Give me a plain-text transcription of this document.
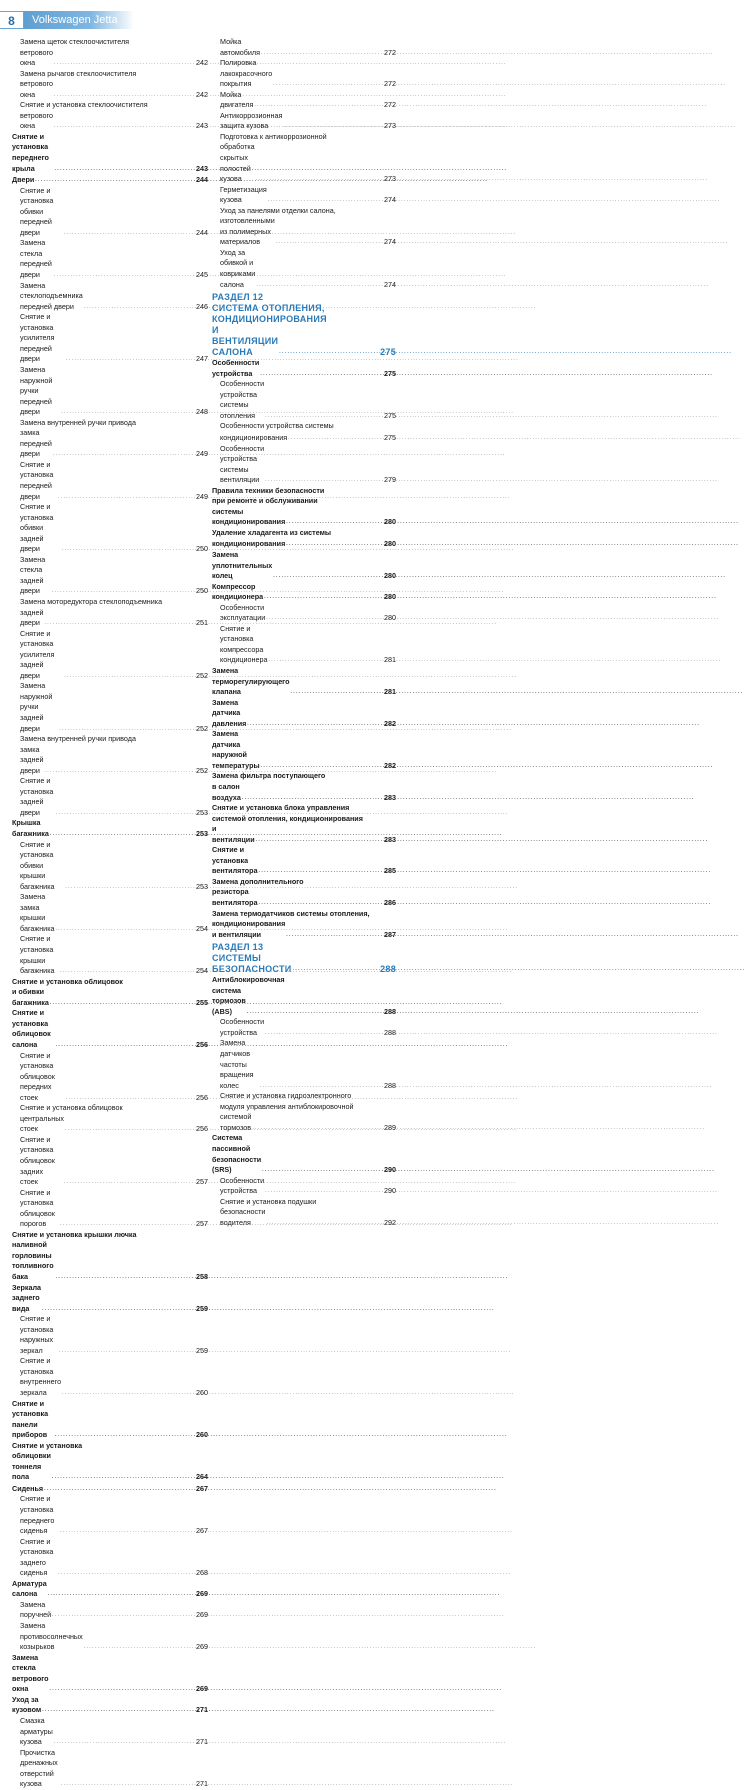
8	Volkswagen Jetta
Замена щеток стеклоочистителя
ветрового окна . . .	242
Замена рычагов стеклоочистителя
ветрового окна . . .	242
Снятие и установка стеклоочистителя
ветрового окна . . .	243
Снятие и установка переднего крыла . . .	243
Двери . . .	244
Снятие и установка обивки передней двери . . .	244
Замена стекла передней двери . . .	245
Замена стеклоподъемника передней двери . . .	246
Снятие и установка усилителя передней двери . . .	247
Замена наружной ручки передней двери . . .	248
Замена внутренней ручки привода
замка передней двери . . .	249
Снятие и установка передней двери . . .	249
Снятие и установка обивки задней двери . . .	250
Замена стекла задней двери . . .	250
Замена моторедуктора стеклоподъемника
задней двери . . .	251
Снятие и установка усилителя задней двери . . .	252
Замена наружной ручки задней двери . . .	252
Замена внутренней ручки привода
замка задней двери . . .	252
Снятие и установка задней двери . . .	253
Крышка багажника . . .	253
Снятие и установка обивки крышки багажника . . .	253
Замена замка крышки багажника . . .	254
Снятие и установка крышки багажника . . .	254
Снятие и установка облицовок
и обивки багажника . . .	255
Снятие и установка облицовок салона . . .	256
Снятие и установка облицовок передних стоек . . .	256
Снятие и установка облицовок
центральных стоек . . .	256
Снятие и установка облицовок задних стоек . . .	257
Снятие и установка облицовок порогов . . .	257
Снятие и установка крышки лючка
наливной горловины топливного бака . . .	258
Зеркала заднего вида . . .	259
Снятие и установка наружных зеркал . . .	259
Снятие и установка внутреннего зеркала . . .	260
Снятие и установка панели приборов . . .	260
Снятие и установка
облицовки тоннеля пола . . .	264
Сиденья . . .	267
Снятие и установка переднего сиденья . . .	267
Снятие и установка заднего сиденья . . .	268
Арматура салона . . .	269
Замена поручней . . .	269
Замена противосолнечных козырьков . . .	269
Замена стекла ветрового окна . . .	269
Уход за кузовом . . .	271
Смазка арматуры кузова . . .	271
Прочистка дренажных отверстий кузова . . .	271
Мойка автомобиля . . .	272
Полировка лакокрасочного покрытия . . .	272
Мойка двигателя . . .	272
Антикоррозионная защита кузова . . .	273
Подготовка к антикоррозионной
обработка скрытых полостей кузова . . .	273
Герметизация кузова . . .	274
Уход за панелями отделки салона,
изготовленными из полимерных материалов . . .	274
Уход за обивкой и ковриками салона . . .	274
РАЗДЕЛ 12
СИСТЕМА ОТОПЛЕНИЯ,
КОНДИЦИОНИРОВАНИЯ
И ВЕНТИЛЯЦИИ САЛОНА . . .	275
Особенности устройства . . .	275
Особенности устройства системы отопления . . .	275
Особенности устройства системы
кондиционирования . . .	275
Особенности устройства системы вентиляции . . .	279
Правила техники безопасности
при ремонте и обслуживании
системы кондиционирования . . .	280
Удаление хладагента из системы
кондиционирования . . .	280
Замена уплотнительных колец . . .	280
Компрессор кондиционера . . .	280
Особенности эксплуатации . . .	280
Снятие и установка компрессора кондиционера . . .	281
Замена терморегулирующего клапана . . .	281
Замена датчика давления . . .	282
Замена датчика наружной температуры . . .	282
Замена фильтра поступающего
в салон воздуха . . .	283
Снятие и установка блока управления
системой отопления, кондиционирования
и вентиляции . . .	283
Снятие и установка вентилятора . . .	285
Замена дополнительного
резистора вентилятора . . .	286
Замена термодатчиков системы отопления,
кондиционирования и вентиляции . . .	287
РАЗДЕЛ 13
СИСТЕМЫ БЕЗОПАСНОСТИ . . .	288
Антиблокировочная
система тормозов (ABS) . . .	288
Особенности устройства . . .	288
Замена датчиков частоты вращения колес . . .	288
Снятие и установка гидроэлектронного
модуля управления антиблокировочной
системой тормозов . . .	289
Система пассивной безопасности (SRS) . . .	290
Особенности устройства . . .	290
Снятие и установка подушки
безопасности водителя . . .	292
